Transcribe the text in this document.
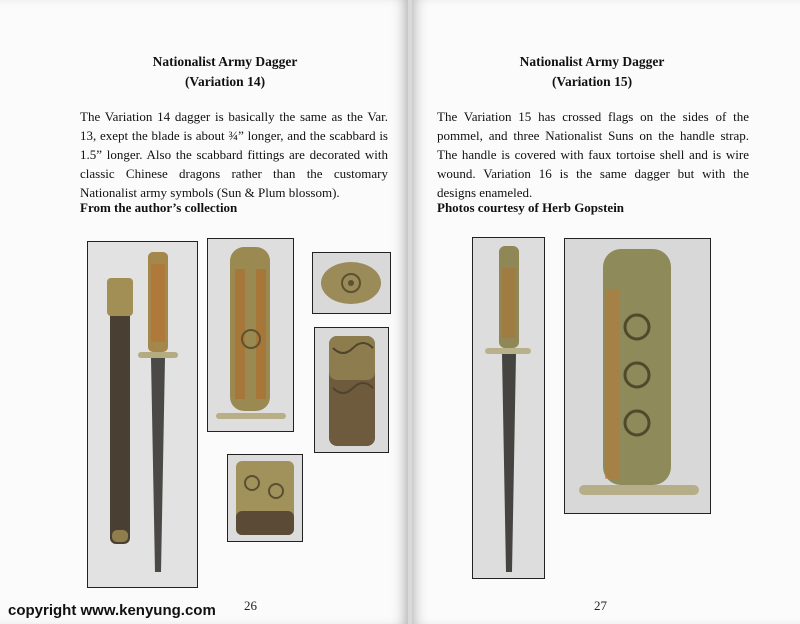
Nationalist Army Dagger
(Variation 14)
The Variation 14 dagger is basically the same as the Var. 13, exept the blade is about ¾” longer, and the scabbard is 1.5” longer. Also the scabbard fittings are decorated with classic Chinese dragons rather than the customary Nationalist army symbols (Sun & Plum blossom).
From the author’s collection
26
Nationalist Army Dagger
(Variation 15)
The Variation 15 has crossed flags on the sides of the pommel, and three Nationalist Suns on the handle strap. The handle is covered with faux tortoise shell and is wire wound. Variation 16 is the same dagger but with the designs enameled.
Photos courtesy of Herb Gopstein
27
copyright www.kenyung.com
